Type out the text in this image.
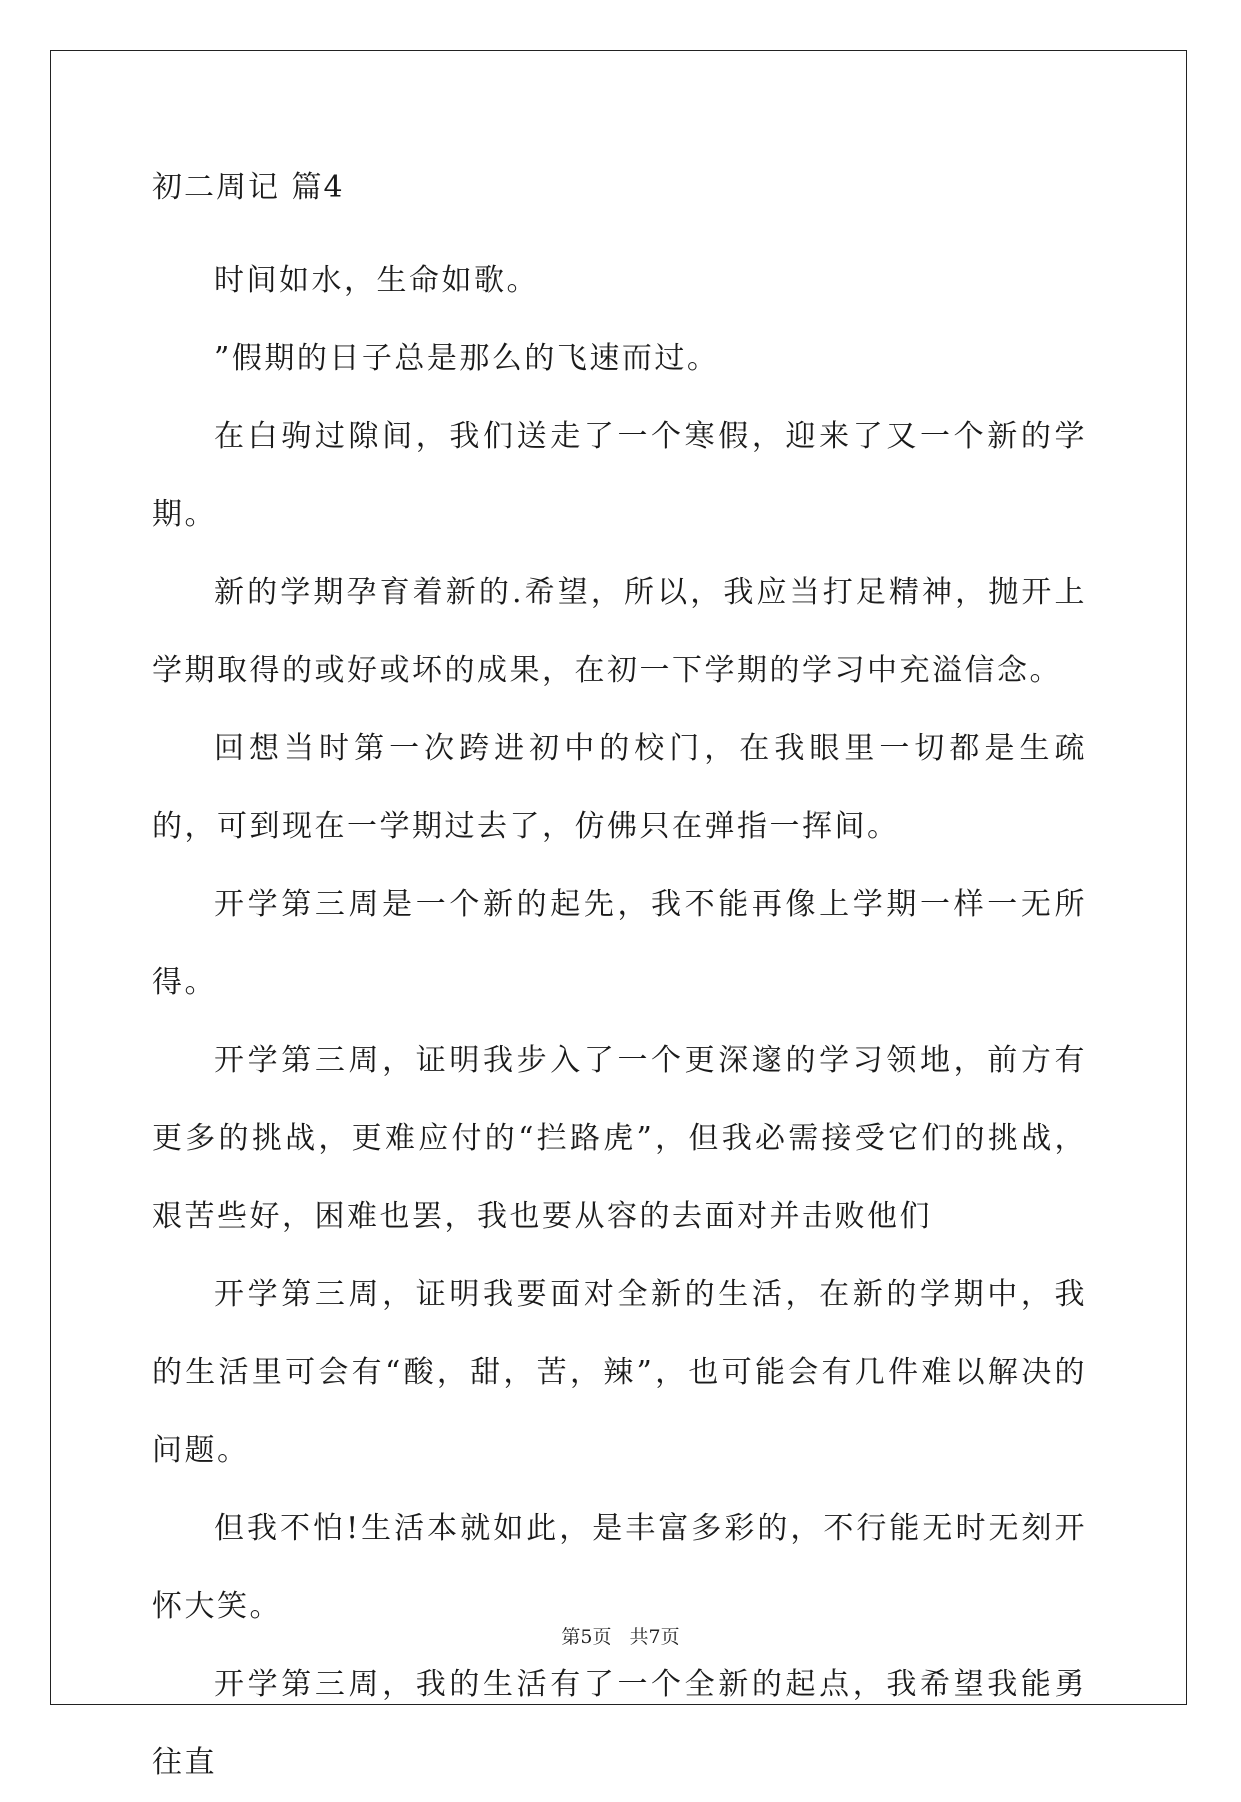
初二周记 篇4

时间如水，生命如歌。

”假期的日子总是那么的飞速而过。

在白驹过隙间，我们送走了一个寒假，迎来了又一个新的学期。

新的学期孕育着新的.希望，所以，我应当打足精神，抛开上学期取得的或好或坏的成果，在初一下学期的学习中充溢信念。

回想当时第一次跨进初中的校门，在我眼里一切都是生疏的，可到现在一学期过去了，仿佛只在弹指一挥间。

开学第三周是一个新的起先，我不能再像上学期一样一无所得。

开学第三周，证明我步入了一个更深邃的学习领地，前方有更多的挑战，更难应付的“拦路虎”，但我必需接受它们的挑战，艰苦些好，困难也罢，我也要从容的去面对并击败他们

开学第三周，证明我要面对全新的生活，在新的学期中，我的生活里可会有“酸，甜，苦，辣”，也可能会有几件难以解决的问题。

但我不怕!生活本就如此，是丰富多彩的，不行能无时无刻开怀大笑。

开学第三周，我的生活有了一个全新的起点，我希望我能勇往直

第5页 共7页
